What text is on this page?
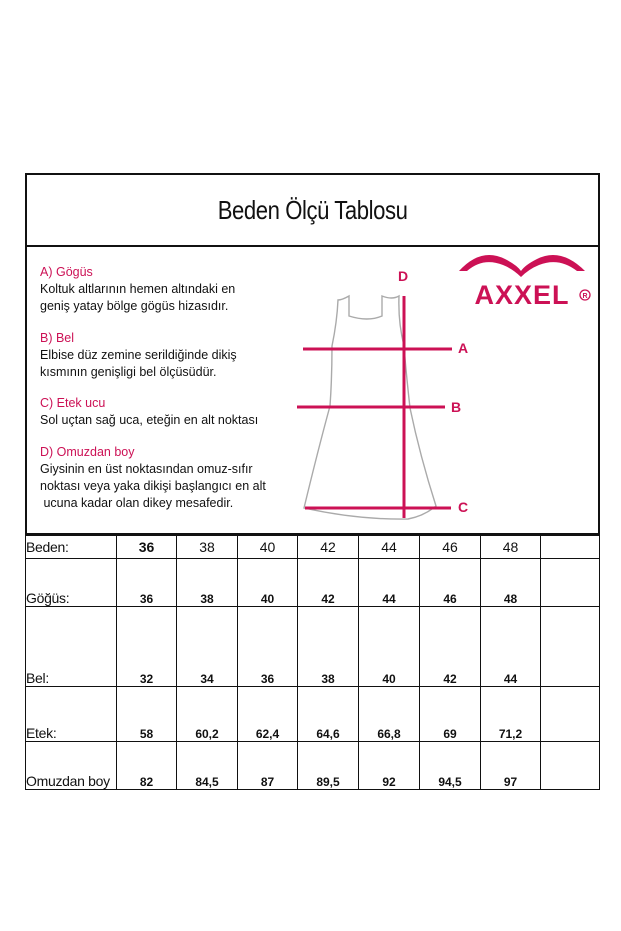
Beden Ölçü Tablosu
A) Gögüs
Koltuk altlarının hemen altındaki en
geniş yatay bölge gögüs hizasıdır.
B) Bel
Elbise düz zemine serildiğinde dikiş
kısmının genişligi bel ölçüsüdür.
C) Etek ucu
Sol uçtan sağ uca, eteğin en alt noktası
D) Omuzdan boy
Giysinin en üst noktasından omuz-sıfır
noktası veya yaka dikişi başlangıcı en alt
ucuna kadar olan dikey mesafedir.
D
A
B
C
AXXEL R
Beden:	36	38	40	42	44	46	48	
Göğüs:	36	38	40	42	44	46	48	
Bel:	32	34	36	38	40	42	44	
Etek:	58	60,2	62,4	64,6	66,8	69	71,2	
Omuzdan boy	82	84,5	87	89,5	92	94,5	97	
